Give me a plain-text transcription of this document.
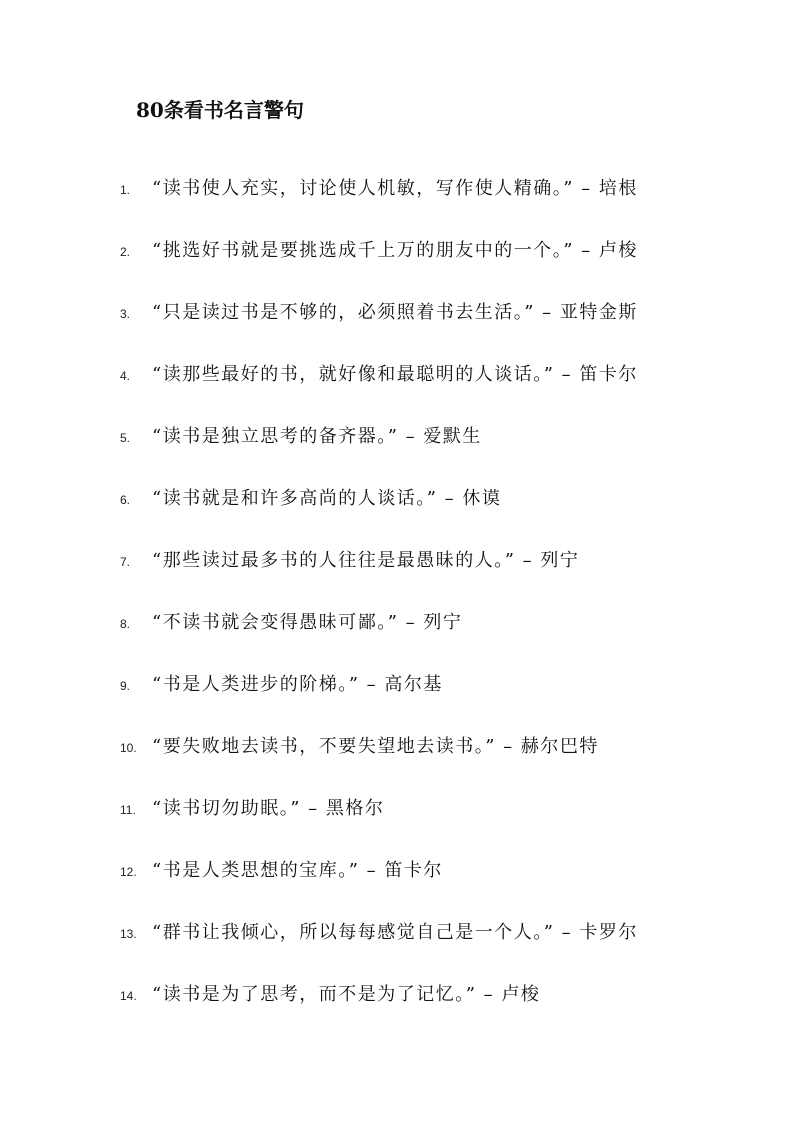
80条看书名言警句
1.	“读书使人充实，讨论使人机敏，写作使人精确。” – 培根
2.	“挑选好书就是要挑选成千上万的朋友中的一个。” – 卢梭
3.	“只是读过书是不够的，必须照着书去生活。” – 亚特金斯
4.	“读那些最好的书，就好像和最聪明的人谈话。” – 笛卡尔
5.	“读书是独立思考的备齐器。” – 爱默生
6.	“读书就是和许多高尚的人谈话。” – 休谟
7.	“那些读过最多书的人往往是最愚昧的人。” – 列宁
8.	“不读书就会变得愚昧可鄙。” – 列宁
9.	“书是人类进步的阶梯。” – 高尔基
10. “要失败地去读书，不要失望地去读书。” – 赫尔巴特
11. “读书切勿助眠。” – 黑格尔
12. “书是人类思想的宝库。” – 笛卡尔
13. “群书让我倾心，所以每每感觉自己是一个人。” – 卡罗尔
14. “读书是为了思考，而不是为了记忆。” – 卢梭
